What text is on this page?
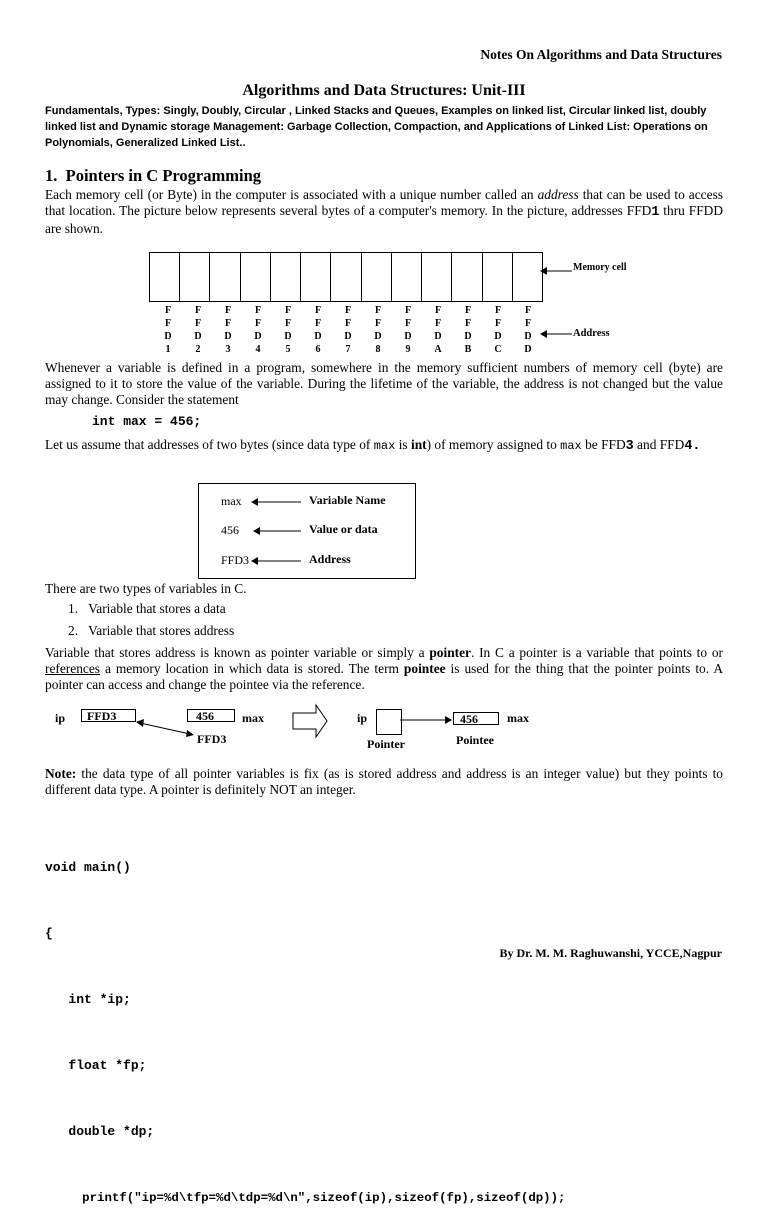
Notes On Algorithms and Data Structures
Algorithms and Data Structures: Unit-III
Fundamentals, Types: Singly, Doubly, Circular , Linked Stacks and Queues, Examples on linked list, Circular linked list, doubly linked list and Dynamic storage Management: Garbage Collection, Compaction, and Applications of Linked List: Operations on Polynomials, Generalized Linked List..
1. Pointers in C Programming
Each memory cell (or Byte) in the computer is associated with a unique number called an address that can be used to access that location. The picture below represents several bytes of a computer's memory. In the picture, addresses FFD1 thru FFDD are shown.
Memory cell
Address
F
F
D
1
F
F
D
2
F
F
D
3
F
F
D
4
F
F
D
5
F
F
D
6
F
F
D
7
F
F
D
8
F
F
D
9
F
F
D
A
F
F
D
B
F
F
D
C
F
F
D
D
Whenever a variable is defined in a program, somewhere in the memory sufficient numbers of memory cell (byte) are assigned to it to store the value of the variable. During the lifetime of the variable, the address is not changed but the value may change. Consider the statement
int max = 456;
Let us assume that addresses of two bytes (since data type of max is int) of memory assigned to max be FFD3 and FFD4.
max
456
FFD3
Variable Name
Value or data
Address
There are two types of variables in C.
1.   Variable that stores a data
2.   Variable that stores address
Variable that stores address is known as pointer variable or simply a pointer. In C a pointer is a variable that points to or references a memory location in which data is stored. The term pointee is used for the thing that the pointer points to. A pointer can access and change the pointee via the reference.
ip	FFD3	456	max
FFD3
ip	456	max
Pointer	Pointee
Note: the data type of all pointer variables is fix (as is stored address and address is an integer value) but they points to different data type. A pointer is definitely NOT an integer.

void main()

{

int *ip;

float *fp;

double *dp;

printf("ip=%d\tfp=%d\tdp=%d\n",sizeof(ip),sizeof(fp),sizeof(dp));

By Dr. M. M. Raghuwanshi, YCCE,Nagpur
